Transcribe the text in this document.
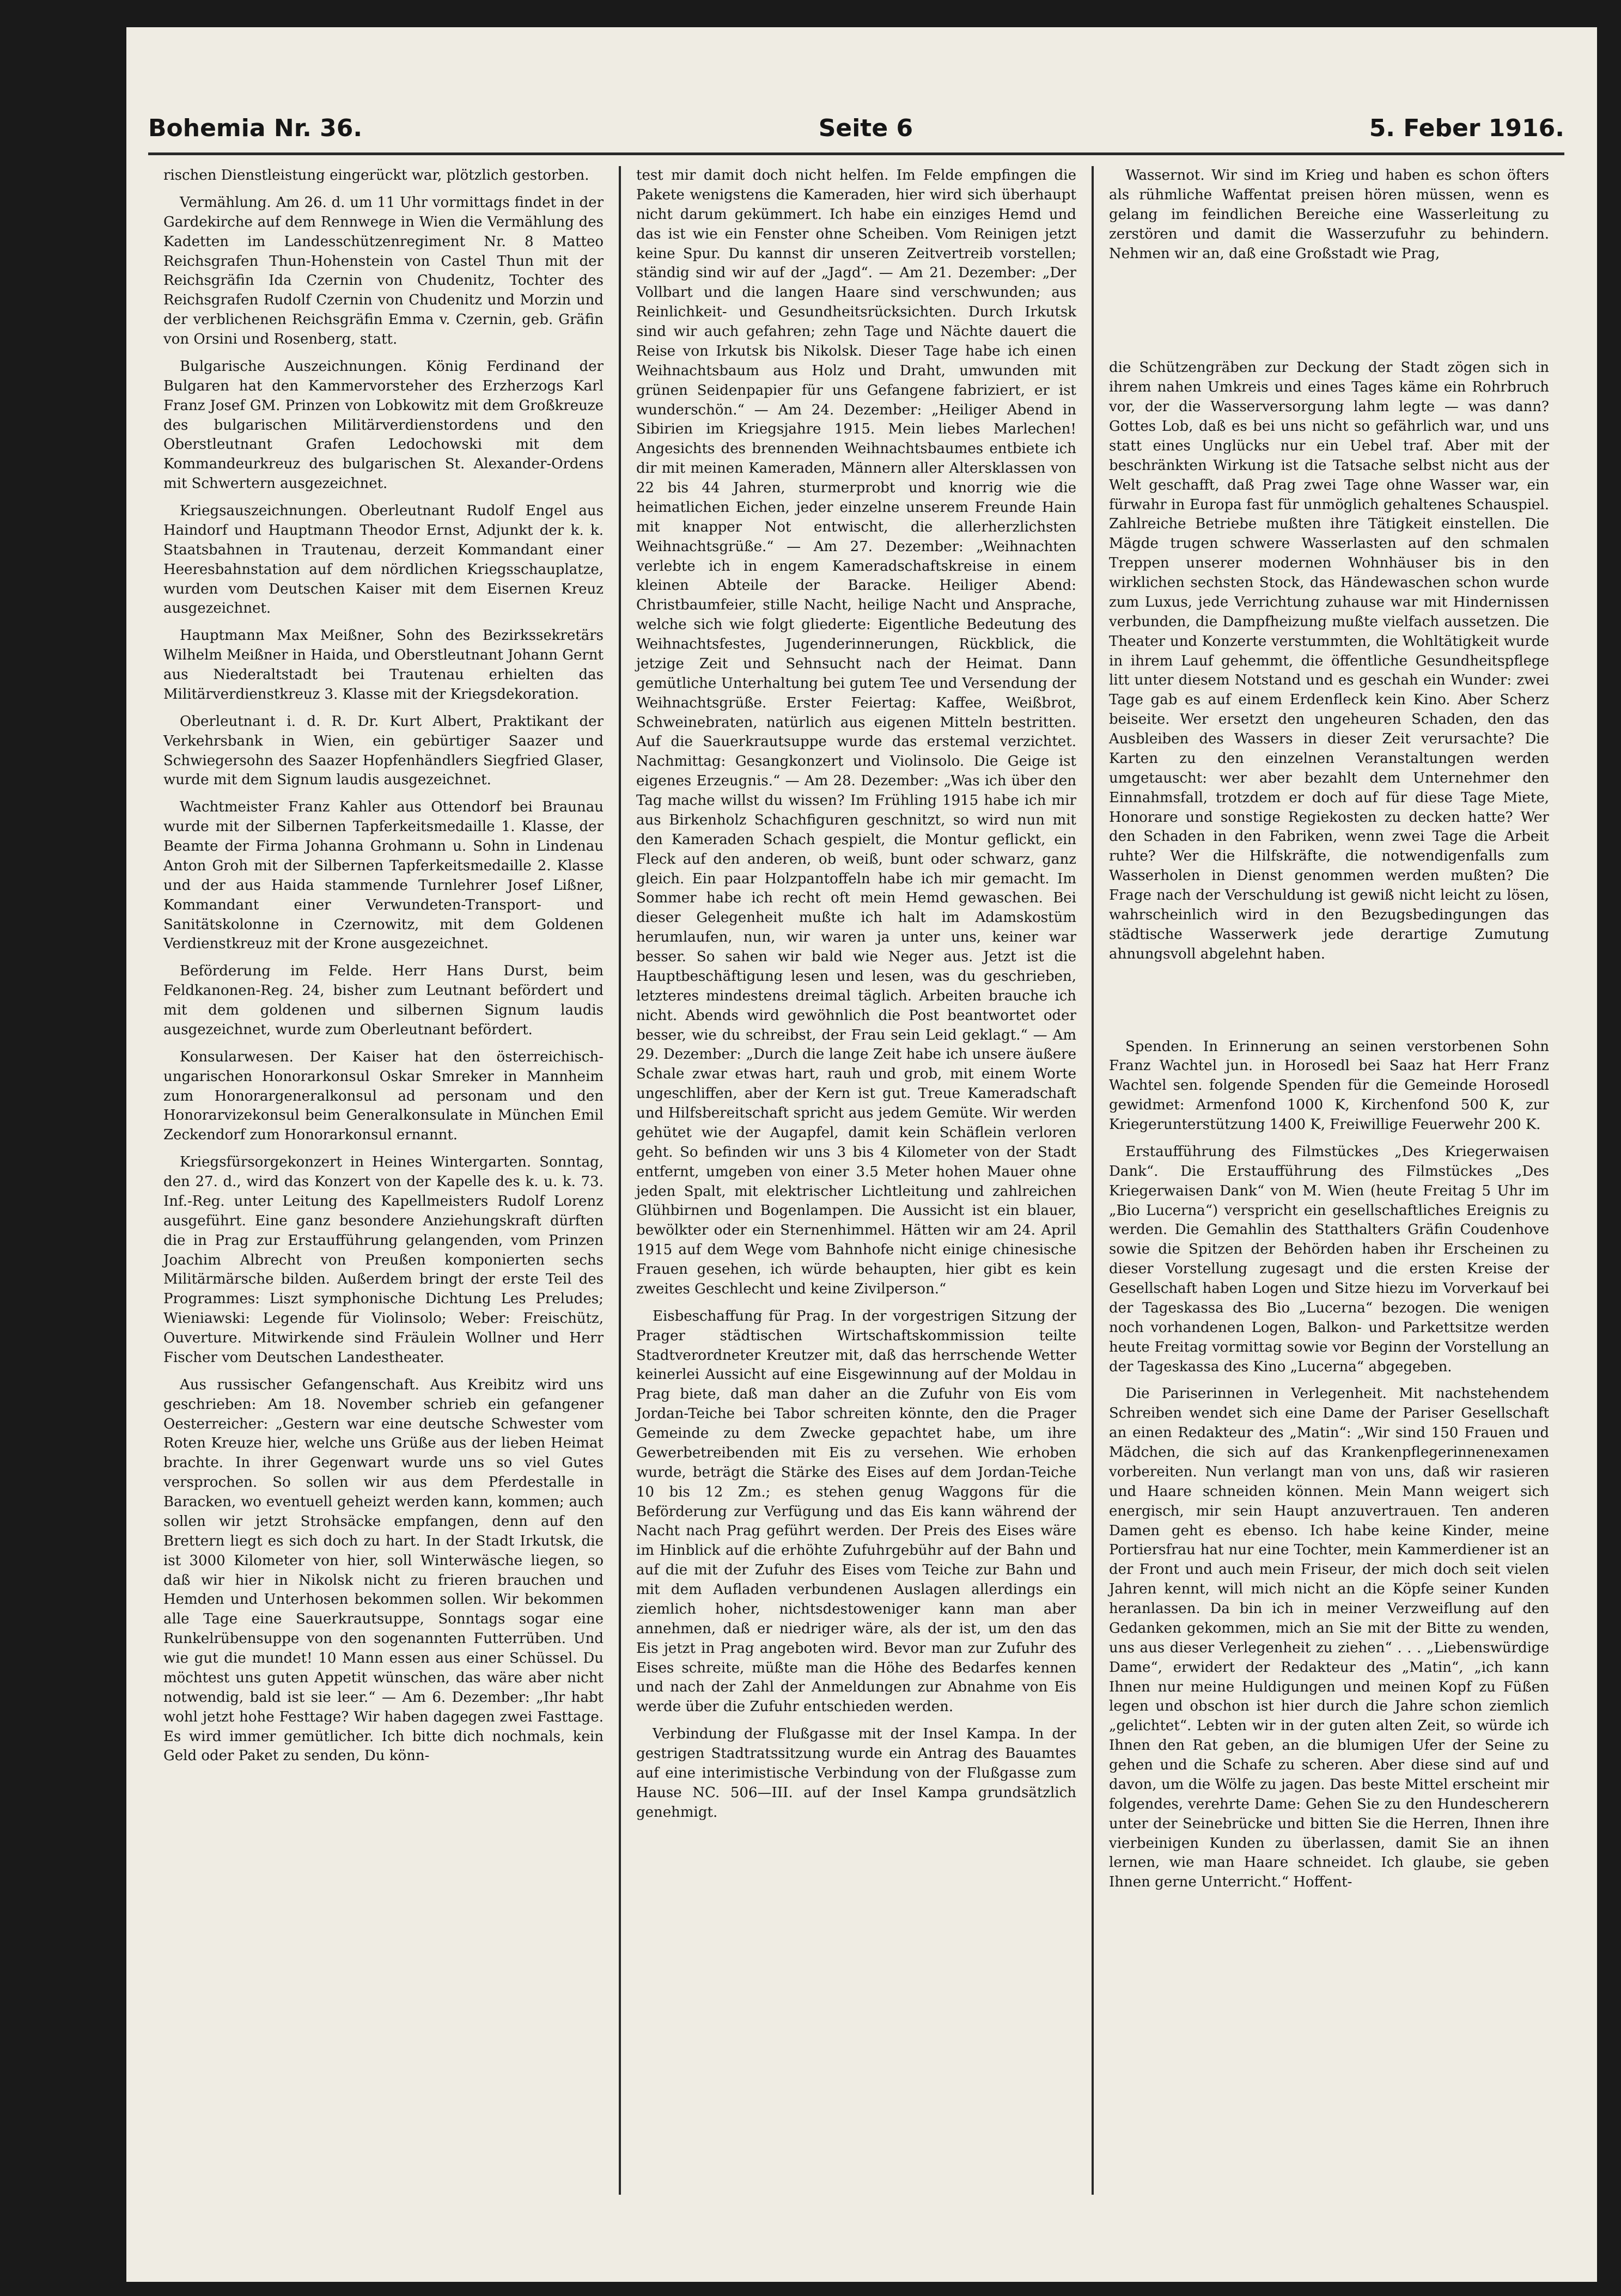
Bohemia Nr. 36.	Seite 6	5. Feber 1916.

rischen Dienstleistung eingerückt war, plötzlich gestorben.

Vermählung. Am 26. d. um 11 Uhr vormittags findet in der Gardekirche auf dem Rennwege in Wien die Vermählung des Kadetten im Landesschützenregiment Nr. 8 Matteo Reichsgrafen Thun-Hohenstein von Castel Thun mit der Reichsgräfin Ida Czernin von Chudenitz, Tochter des Reichsgrafen Rudolf Czernin von Chudenitz und Morzin und der verblichenen Reichsgräfin Emma v. Czernin, geb. Gräfin von Orsini und Rosenberg, statt.

Bulgarische Auszeichnungen. König Ferdinand der Bulgaren hat den Kammervorsteher des Erzherzogs Karl Franz Josef GM. Prinzen von Lobkowitz mit dem Großkreuze des bulgarischen Militärverdienstordens und den Oberstleutnant Grafen Ledochowski mit dem Kommandeurkreuz des bulgarischen St. Alexander-Ordens mit Schwertern ausgezeichnet.

Kriegsauszeichnungen. Oberleutnant Rudolf Engel aus Haindorf und Hauptmann Theodor Ernst, Adjunkt der k. k. Staatsbahnen in Trautenau, derzeit Kommandant einer Heeresbahnstation auf dem nördlichen Kriegsschauplatze, wurden vom Deutschen Kaiser mit dem Eisernen Kreuz ausgezeichnet.

Hauptmann Max Meißner, Sohn des Bezirkssekretärs Wilhelm Meißner in Haida, und Oberstleutnant Johann Gernt aus Niederaltstadt bei Trautenau erhielten das Militärverdienstkreuz 3. Klasse mit der Kriegsdekoration.

Oberleutnant i. d. R. Dr. Kurt Albert, Praktikant der Verkehrsbank in Wien, ein gebürtiger Saazer und Schwiegersohn des Saazer Hopfenhändlers Siegfried Glaser, wurde mit dem Signum laudis ausgezeichnet.

Wachtmeister Franz Kahler aus Ottendorf bei Braunau wurde mit der Silbernen Tapferkeitsmedaille 1. Klasse, der Beamte der Firma Johanna Grohmann u. Sohn in Lindenau Anton Groh mit der Silbernen Tapferkeitsmedaille 2. Klasse und der aus Haida stammende Turnlehrer Josef Lißner, Kommandant einer Verwundeten-Transport- und Sanitätskolonne in Czernowitz, mit dem Goldenen Verdienstkreuz mit der Krone ausgezeichnet.

Beförderung im Felde. Herr Hans Durst, beim Feldkanonen-Reg. 24, bisher zum Leutnant befördert und mit dem goldenen und silbernen Signum laudis ausgezeichnet, wurde zum Oberleutnant befördert.

Konsularwesen. Der Kaiser hat den österreichisch-ungarischen Honorarkonsul Oskar Smreker in Mannheim zum Honorargeneralkonsul ad personam und den Honorarvizekonsul beim Generalkonsulate in München Emil Zeckendorf zum Honorarkonsul ernannt.

Kriegsfürsorgekonzert in Heines Wintergarten. Sonntag, den 27. d., wird das Konzert von der Kapelle des k. u. k. 73. Inf.-Reg. unter Leitung des Kapellmeisters Rudolf Lorenz ausgeführt. Eine ganz besondere Anziehungskraft dürften die in Prag zur Erstaufführung gelangenden, vom Prinzen Joachim Albrecht von Preußen komponierten sechs Militärmärsche bilden. Außerdem bringt der erste Teil des Programmes: Liszt symphonische Dichtung Les Preludes; Wieniawski: Legende für Violinsolo; Weber: Freischütz, Ouverture. Mitwirkende sind Fräulein Wollner und Herr Fischer vom Deutschen Landestheater.

Aus russischer Gefangenschaft. Aus Kreibitz wird uns geschrieben: Am 18. November schrieb ein gefangener Oesterreicher: „Gestern war eine deutsche Schwester vom Roten Kreuze hier, welche uns Grüße aus der lieben Heimat brachte. In ihrer Gegenwart wurde uns so viel Gutes versprochen. So sollen wir aus dem Pferdestalle in Baracken, wo eventuell geheizt werden kann, kommen; auch sollen wir jetzt Strohsäcke empfangen, denn auf den Brettern liegt es sich doch zu hart. In der Stadt Irkutsk, die ist 3000 Kilometer von hier, soll Winterwäsche liegen, so daß wir hier in Nikolsk nicht zu frieren brauchen und Hemden und Unterhosen bekommen sollen. Wir bekommen alle Tage eine Sauerkrautsuppe, Sonntags sogar eine Runkelrübensuppe von den sogenannten Futterrüben. Und wie gut die mundet! 10 Mann essen aus einer Schüssel. Du möchtest uns guten Appetit wünschen, das wäre aber nicht notwendig, bald ist sie leer.“ — Am 6. Dezember: „Ihr habt wohl jetzt hohe Festtage? Wir haben dagegen zwei Fasttage. Es wird immer gemütlicher. Ich bitte dich nochmals, kein Geld oder Paket zu senden, Du könn-

test mir damit doch nicht helfen. Im Felde empfingen die Pakete wenigstens die Kameraden, hier wird sich überhaupt nicht darum gekümmert. Ich habe ein einziges Hemd und das ist wie ein Fenster ohne Scheiben. Vom Reinigen jetzt keine Spur. Du kannst dir unseren Zeitvertreib vorstellen; ständig sind wir auf der „Jagd“. — Am 21. Dezember: „Der Vollbart und die langen Haare sind verschwunden; aus Reinlichkeit- und Gesundheitsrücksichten. Durch Irkutsk sind wir auch gefahren; zehn Tage und Nächte dauert die Reise von Irkutsk bis Nikolsk. Dieser Tage habe ich einen Weihnachtsbaum aus Holz und Draht, umwunden mit grünen Seidenpapier für uns Gefangene fabriziert, er ist wunderschön.“ — Am 24. Dezember: „Heiliger Abend in Sibirien im Kriegsjahre 1915. Mein liebes Marlechen! Angesichts des brennenden Weihnachtsbaumes entbiete ich dir mit meinen Kameraden, Männern aller Altersklassen von 22 bis 44 Jahren, sturmerprobt und knorrig wie die heimatlichen Eichen, jeder einzelne unserem Freunde Hain mit knapper Not entwischt, die allerherzlichsten Weihnachtsgrüße.“ — Am 27. Dezember: „Weihnachten verlebte ich in engem Kameradschaftskreise in einem kleinen Abteile der Baracke. Heiliger Abend: Christbaumfeier, stille Nacht, heilige Nacht und Ansprache, welche sich wie folgt gliederte: Eigentliche Bedeutung des Weihnachtsfestes, Jugenderinnerungen, Rückblick, die jetzige Zeit und Sehnsucht nach der Heimat. Dann gemütliche Unterhaltung bei gutem Tee und Versendung der Weihnachtsgrüße. Erster Feiertag: Kaffee, Weißbrot, Schweinebraten, natürlich aus eigenen Mitteln bestritten. Auf die Sauerkrautsuppe wurde das erstemal verzichtet. Nachmittag: Gesangkonzert und Violinsolo. Die Geige ist eigenes Erzeugnis.“ — Am 28. Dezember: „Was ich über den Tag mache willst du wissen? Im Frühling 1915 habe ich mir aus Birkenholz Schachfiguren geschnitzt, so wird nun mit den Kameraden Schach gespielt, die Montur geflickt, ein Fleck auf den anderen, ob weiß, bunt oder schwarz, ganz gleich. Ein paar Holzpantoffeln habe ich mir gemacht. Im Sommer habe ich recht oft mein Hemd gewaschen. Bei dieser Gelegenheit mußte ich halt im Adamskostüm herumlaufen, nun, wir waren ja unter uns, keiner war besser. So sahen wir bald wie Neger aus. Jetzt ist die Hauptbeschäftigung lesen und lesen, was du geschrieben, letzteres mindestens dreimal täglich. Arbeiten brauche ich nicht. Abends wird gewöhnlich die Post beantwortet oder besser, wie du schreibst, der Frau sein Leid geklagt.“ — Am 29. Dezember: „Durch die lange Zeit habe ich unsere äußere Schale zwar etwas hart, rauh und grob, mit einem Worte ungeschliffen, aber der Kern ist gut. Treue Kameradschaft und Hilfsbereitschaft spricht aus jedem Gemüte. Wir werden gehütet wie der Augapfel, damit kein Schäflein verloren geht. So befinden wir uns 3 bis 4 Kilometer von der Stadt entfernt, umgeben von einer 3.5 Meter hohen Mauer ohne jeden Spalt, mit elektrischer Lichtleitung und zahlreichen Glühbirnen und Bogenlampen. Die Aussicht ist ein blauer, bewölkter oder ein Sternenhimmel. Hätten wir am 24. April 1915 auf dem Wege vom Bahnhofe nicht einige chinesische Frauen gesehen, ich würde behaupten, hier gibt es kein zweites Geschlecht und keine Zivilperson.“

Eisbeschaffung für Prag. In der vorgestrigen Sitzung der Prager städtischen Wirtschaftskommission teilte Stadtverordneter Kreutzer mit, daß das herrschende Wetter keinerlei Aussicht auf eine Eisgewinnung auf der Moldau in Prag biete, daß man daher an die Zufuhr von Eis vom Jordan-Teiche bei Tabor schreiten könnte, den die Prager Gemeinde zu dem Zwecke gepachtet habe, um ihre Gewerbetreibenden mit Eis zu versehen. Wie erhoben wurde, beträgt die Stärke des Eises auf dem Jordan-Teiche 10 bis 12 Zm.; es stehen genug Waggons für die Beförderung zur Verfügung und das Eis kann während der Nacht nach Prag geführt werden. Der Preis des Eises wäre im Hinblick auf die erhöhte Zufuhrgebühr auf der Bahn und auf die mit der Zufuhr des Eises vom Teiche zur Bahn und mit dem Aufladen verbundenen Auslagen allerdings ein ziemlich hoher, nichtsdestoweniger kann man aber annehmen, daß er niedriger wäre, als der ist, um den das Eis jetzt in Prag angeboten wird. Bevor man zur Zufuhr des Eises schreite, müßte man die Höhe des Bedarfes kennen und nach der Zahl der Anmeldungen zur Abnahme von Eis werde über die Zufuhr entschieden werden.

Verbindung der Flußgasse mit der Insel Kampa. In der gestrigen Stadtratssitzung wurde ein Antrag des Bauamtes auf eine interimistische Verbindung von der Flußgasse zum Hause NC. 506—III. auf der Insel Kampa grundsätzlich genehmigt.

Wassernot. Wir sind im Krieg und haben es schon öfters als rühmliche Waffentat preisen hören müssen, wenn es gelang im feindlichen Bereiche eine Wasserleitung zu zerstören und damit die Wasserzufuhr zu behindern. Nehmen wir an, daß eine Großstadt wie Prag,

die Schützengräben zur Deckung der Stadt zögen sich in ihrem nahen Umkreis und eines Tages käme ein Rohrbruch vor, der die Wasserversorgung lahm legte — was dann? Gottes Lob, daß es bei uns nicht so gefährlich war, und uns statt eines Unglücks nur ein Uebel traf. Aber mit der beschränkten Wirkung ist die Tatsache selbst nicht aus der Welt geschafft, daß Prag zwei Tage ohne Wasser war, ein fürwahr in Europa fast für unmöglich gehaltenes Schauspiel. Zahlreiche Betriebe mußten ihre Tätigkeit einstellen. Die Mägde trugen schwere Wasserlasten auf den schmalen Treppen unserer modernen Wohnhäuser bis in den wirklichen sechsten Stock, das Händewaschen schon wurde zum Luxus, jede Verrichtung zuhause war mit Hindernissen verbunden, die Dampfheizung mußte vielfach aussetzen. Die Theater und Konzerte verstummten, die Wohltätigkeit wurde in ihrem Lauf gehemmt, die öffentliche Gesundheitspflege litt unter diesem Notstand und es geschah ein Wunder: zwei Tage gab es auf einem Erdenfleck kein Kino. Aber Scherz beiseite. Wer ersetzt den ungeheuren Schaden, den das Ausbleiben des Wassers in dieser Zeit verursachte? Die Karten zu den einzelnen Veranstaltungen werden umgetauscht: wer aber bezahlt dem Unternehmer den Einnahmsfall, trotzdem er doch auf für diese Tage Miete, Honorare und sonstige Regiekosten zu decken hatte? Wer den Schaden in den Fabriken, wenn zwei Tage die Arbeit ruhte? Wer die Hilfskräfte, die notwendigenfalls zum Wasserholen in Dienst genommen werden mußten? Die Frage nach der Verschuldung ist gewiß nicht leicht zu lösen, wahrscheinlich wird in den Bezugsbedingungen das städtische Wasserwerk jede derartige Zumutung ahnungsvoll abgelehnt haben.

Spenden. In Erinnerung an seinen verstorbenen Sohn Franz Wachtel jun. in Horosedl bei Saaz hat Herr Franz Wachtel sen. folgende Spenden für die Gemeinde Horosedl gewidmet: Armenfond 1000 K, Kirchenfond 500 K, zur Kriegerunterstützung 1400 K, Freiwillige Feuerwehr 200 K.

Erstaufführung des Filmstückes „Des Kriegerwaisen Dank“. Die Erstaufführung des Filmstückes „Des Kriegerwaisen Dank“ von M. Wien (heute Freitag 5 Uhr im „Bio Lucerna“) verspricht ein gesellschaftliches Ereignis zu werden. Die Gemahlin des Statthalters Gräfin Coudenhove sowie die Spitzen der Behörden haben ihr Erscheinen zu dieser Vorstellung zugesagt und die ersten Kreise der Gesellschaft haben Logen und Sitze hiezu im Vorverkauf bei der Tageskassa des Bio „Lucerna“ bezogen. Die wenigen noch vorhandenen Logen, Balkon- und Parkettsitze werden heute Freitag vormittag sowie vor Beginn der Vorstellung an der Tageskassa des Kino „Lucerna“ abgegeben.

Die Pariserinnen in Verlegenheit. Mit nachstehendem Schreiben wendet sich eine Dame der Pariser Gesellschaft an einen Redakteur des „Matin“: „Wir sind 150 Frauen und Mädchen, die sich auf das Krankenpflegerinnenexamen vorbereiten. Nun verlangt man von uns, daß wir rasieren und Haare schneiden können. Mein Mann weigert sich energisch, mir sein Haupt anzuvertrauen. Ten anderen Damen geht es ebenso. Ich habe keine Kinder, meine Portiersfrau hat nur eine Tochter, mein Kammerdiener ist an der Front und auch mein Friseur, der mich doch seit vielen Jahren kennt, will mich nicht an die Köpfe seiner Kunden heranlassen. Da bin ich in meiner Verzweiflung auf den Gedanken gekommen, mich an Sie mit der Bitte zu wenden, uns aus dieser Verlegenheit zu ziehen“ . . . „Liebenswürdige Dame“, erwidert der Redakteur des „Matin“, „ich kann Ihnen nur meine Huldigungen und meinen Kopf zu Füßen legen und obschon ist hier durch die Jahre schon ziemlich „gelichtet“. Lebten wir in der guten alten Zeit, so würde ich Ihnen den Rat geben, an die blumigen Ufer der Seine zu gehen und die Schafe zu scheren. Aber diese sind auf und davon, um die Wölfe zu jagen. Das beste Mittel erscheint mir folgendes, verehrte Dame: Gehen Sie zu den Hundescherern unter der Seinebrücke und bitten Sie die Herren, Ihnen ihre vierbeinigen Kunden zu überlassen, damit Sie an ihnen lernen, wie man Haare schneidet. Ich glaube, sie geben Ihnen gerne Unterricht.“ Hoffent-
